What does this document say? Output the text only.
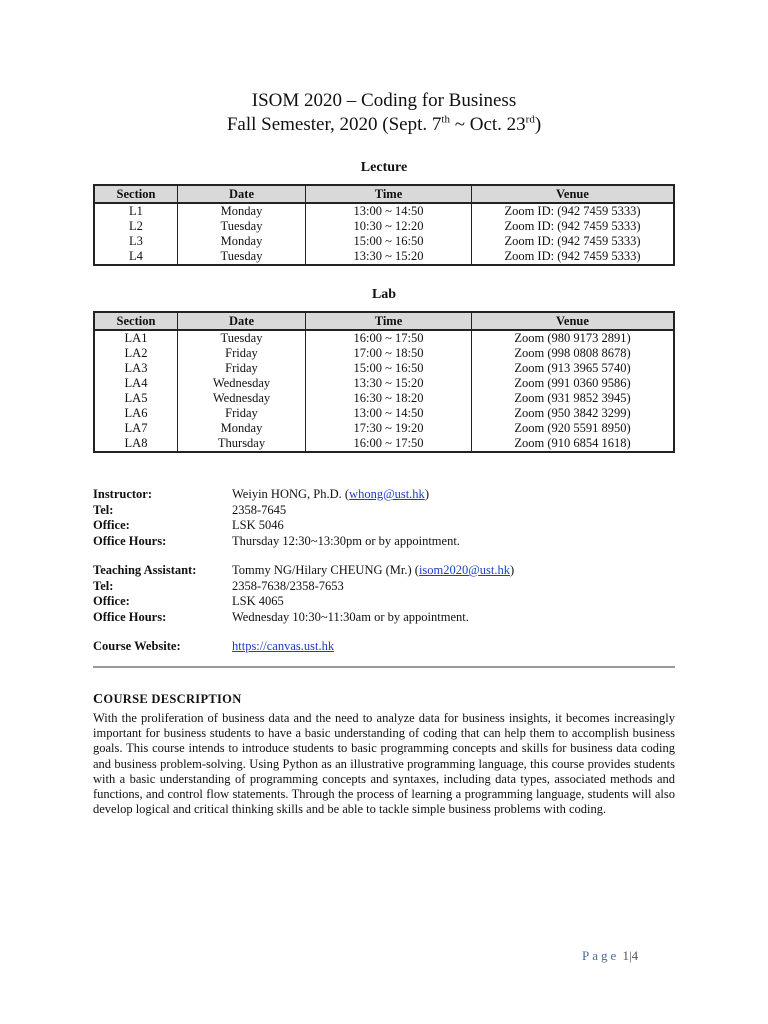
ISOM 2020 – Coding for Business
Fall Semester, 2020 (Sept. 7th ~ Oct. 23rd)
Lecture
Section	Date	Time	Venue
L1	Monday	13:00 ~ 14:50	Zoom ID: (942 7459 5333)
L2	Tuesday	10:30 ~ 12:20	Zoom ID: (942 7459 5333)
L3	Monday	15:00 ~ 16:50	Zoom ID: (942 7459 5333)
L4	Tuesday	13:30 ~ 15:20	Zoom ID: (942 7459 5333)
Lab
Section	Date	Time	Venue
LA1	Tuesday	16:00 ~ 17:50	Zoom (980 9173 2891)
LA2	Friday	17:00 ~ 18:50	Zoom (998 0808 8678)
LA3	Friday	15:00 ~ 16:50	Zoom (913 3965 5740)
LA4	Wednesday	13:30 ~ 15:20	Zoom (991 0360 9586)
LA5	Wednesday	16:30 ~ 18:20	Zoom (931 9852 3945)
LA6	Friday	13:00 ~ 14:50	Zoom (950 3842 3299)
LA7	Monday	17:30 ~ 19:20	Zoom (920 5591 8950)
LA8	Thursday	16:00 ~ 17:50	Zoom (910 6854 1618)
Instructor:	Weiyin HONG, Ph.D. (whong@ust.hk)
Tel:	2358-7645
Office:	LSK 5046
Office Hours:	Thursday 12:30~13:30pm or by appointment.
Teaching Assistant:	Tommy NG/Hilary CHEUNG (Mr.) (isom2020@ust.hk)
Tel:	2358-7638/2358-7653
Office:	LSK 4065
Office Hours:	Wednesday 10:30~11:30am or by appointment.
Course Website:	https://canvas.ust.hk
COURSE DESCRIPTION
With the proliferation of business data and the need to analyze data for business insights, it becomes increasingly important for business students to have a basic understanding of coding that can help them to accomplish business goals. This course intends to introduce students to basic programming concepts and skills for business data coding and business problem-solving. Using Python as an illustrative programming language, this course provides students with a basic understanding of programming concepts and syntaxes, including data types, associated methods and functions, and control flow statements. Through the process of learning a programming language, students will also develop logical and critical thinking skills and be able to tackle simple business problems with coding.
Page 1|4
